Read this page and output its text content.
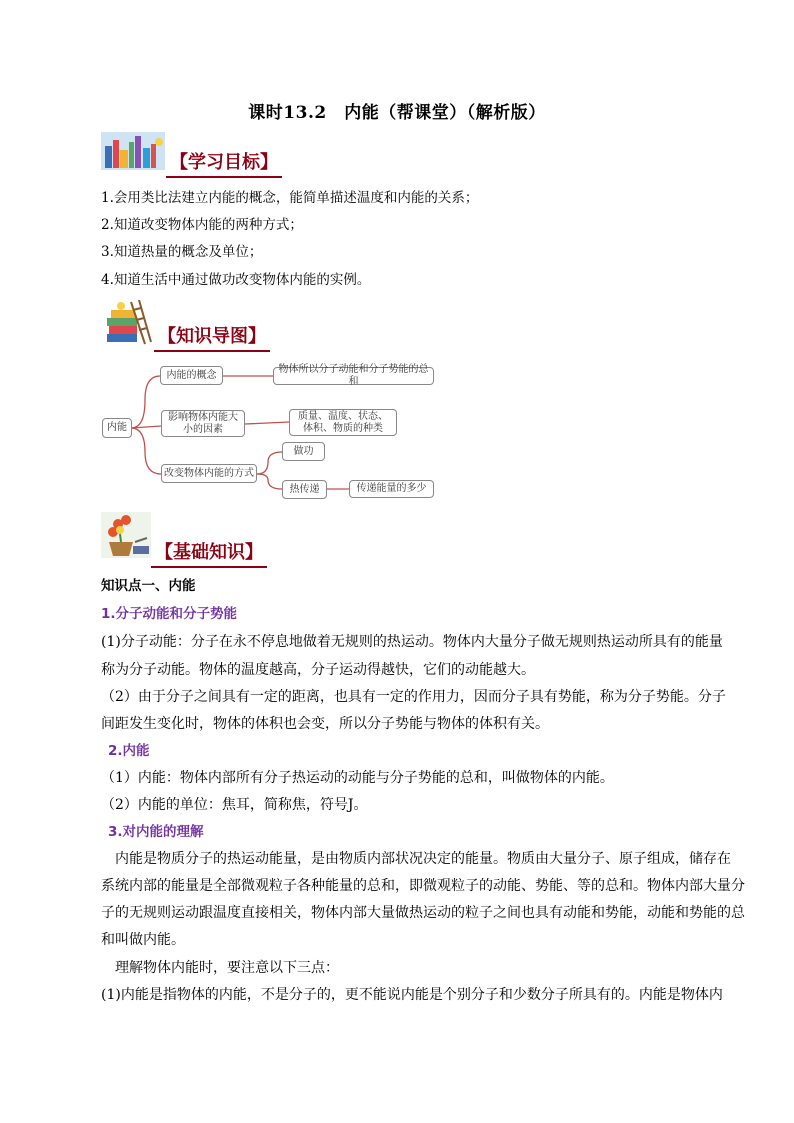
课时13.2　内能（帮课堂）（解析版）
【学习目标】
1.会用类比法建立内能的概念，能简单描述温度和内能的关系；
2.知道改变物体内能的两种方式；
3.知道热量的概念及单位；
4.知道生活中通过做功改变物体内能的实例。
【知识导图】
内能
内能的概念	物体所以分子动能和分子势能的总和
影响物体内能大小的因素
质量、温度、状态、体积、物质的种类
改变物体内能的方式
做功
热传递	传递能量的多少
【基础知识】
知识点一、内能
1.分子动能和分子势能
(1)分子动能：分子在永不停息地做着无规则的热运动。物体内大量分子做无规则热运动所具有的能量
称为分子动能。物体的温度越高，分子运动得越快，它们的动能越大。
（2）由于分子之间具有一定的距离，也具有一定的作用力，因而分子具有势能，称为分子势能。分子
间距发生变化时，物体的体积也会变，所以分子势能与物体的体积有关。
2.内能
（1）内能：物体内部所有分子热运动的动能与分子势能的总和，叫做物体的内能。
（2）内能的单位：焦耳，简称焦，符号J。
3.对内能的理解
内能是物质分子的热运动能量，是由物质内部状况决定的能量。物质由大量分子、原子组成，储存在
系统内部的能量是全部微观粒子各种能量的总和，即微观粒子的动能、势能、等的总和。物体内部大量分
子的无规则运动跟温度直接相关，物体内部大量做热运动的粒子之间也具有动能和势能，动能和势能的总
和叫做内能。
理解物体内能时，要注意以下三点：
(1)内能是指物体的内能，不是分子的，更不能说内能是个别分子和少数分子所具有的。内能是物体内
